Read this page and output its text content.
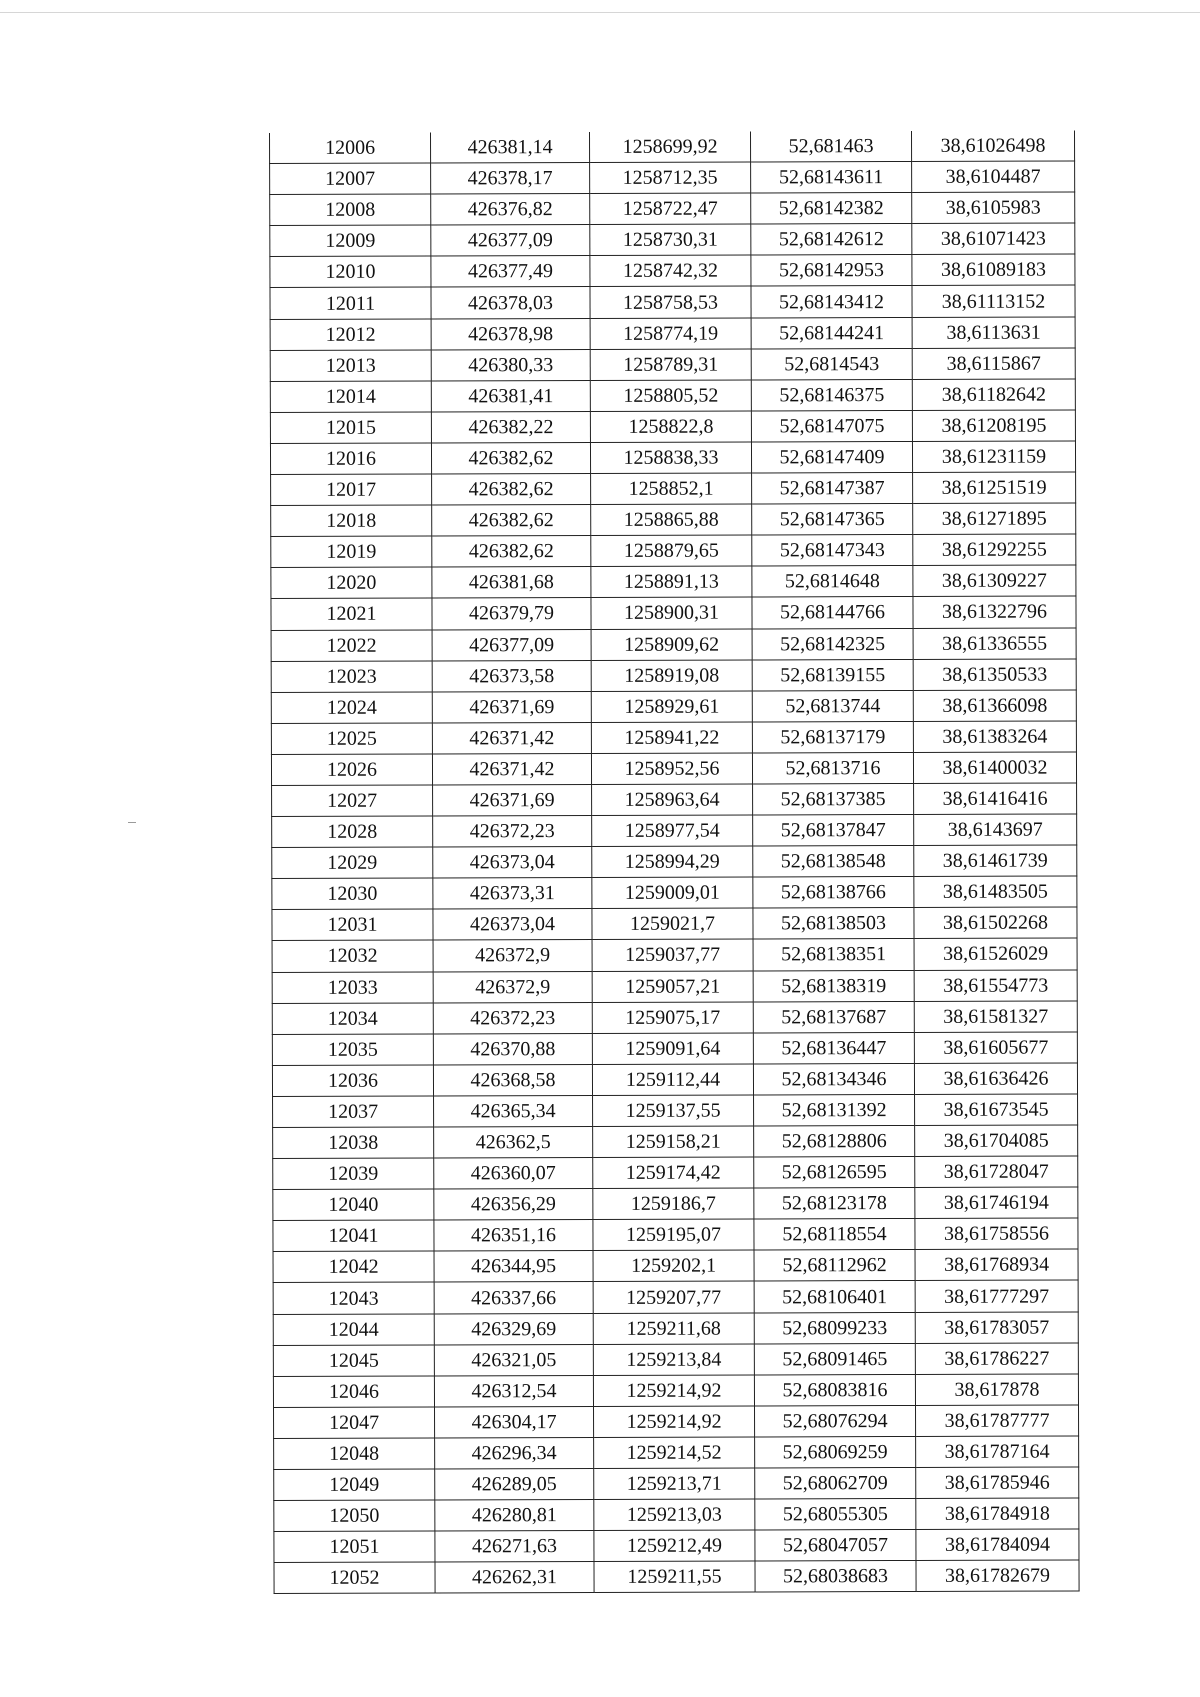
12006	426381,14	1258699,92	52,681463	38,61026498
12007	426378,17	1258712,35	52,68143611	38,6104487
12008	426376,82	1258722,47	52,68142382	38,6105983
12009	426377,09	1258730,31	52,68142612	38,61071423
12010	426377,49	1258742,32	52,68142953	38,61089183
12011	426378,03	1258758,53	52,68143412	38,61113152
12012	426378,98	1258774,19	52,68144241	38,6113631
12013	426380,33	1258789,31	52,6814543	38,6115867
12014	426381,41	1258805,52	52,68146375	38,61182642
12015	426382,22	1258822,8	52,68147075	38,61208195
12016	426382,62	1258838,33	52,68147409	38,61231159
12017	426382,62	1258852,1	52,68147387	38,61251519
12018	426382,62	1258865,88	52,68147365	38,61271895
12019	426382,62	1258879,65	52,68147343	38,61292255
12020	426381,68	1258891,13	52,6814648	38,61309227
12021	426379,79	1258900,31	52,68144766	38,61322796
12022	426377,09	1258909,62	52,68142325	38,61336555
12023	426373,58	1258919,08	52,68139155	38,61350533
12024	426371,69	1258929,61	52,6813744	38,61366098
12025	426371,42	1258941,22	52,68137179	38,61383264
12026	426371,42	1258952,56	52,6813716	38,61400032
12027	426371,69	1258963,64	52,68137385	38,61416416
12028	426372,23	1258977,54	52,68137847	38,6143697
12029	426373,04	1258994,29	52,68138548	38,61461739
12030	426373,31	1259009,01	52,68138766	38,61483505
12031	426373,04	1259021,7	52,68138503	38,61502268
12032	426372,9	1259037,77	52,68138351	38,61526029
12033	426372,9	1259057,21	52,68138319	38,61554773
12034	426372,23	1259075,17	52,68137687	38,61581327
12035	426370,88	1259091,64	52,68136447	38,61605677
12036	426368,58	1259112,44	52,68134346	38,61636426
12037	426365,34	1259137,55	52,68131392	38,61673545
12038	426362,5	1259158,21	52,68128806	38,61704085
12039	426360,07	1259174,42	52,68126595	38,61728047
12040	426356,29	1259186,7	52,68123178	38,61746194
12041	426351,16	1259195,07	52,68118554	38,61758556
12042	426344,95	1259202,1	52,68112962	38,61768934
12043	426337,66	1259207,77	52,68106401	38,61777297
12044	426329,69	1259211,68	52,68099233	38,61783057
12045	426321,05	1259213,84	52,68091465	38,61786227
12046	426312,54	1259214,92	52,68083816	38,617878
12047	426304,17	1259214,92	52,68076294	38,61787777
12048	426296,34	1259214,52	52,68069259	38,61787164
12049	426289,05	1259213,71	52,68062709	38,61785946
12050	426280,81	1259213,03	52,68055305	38,61784918
12051	426271,63	1259212,49	52,68047057	38,61784094
12052	426262,31	1259211,55	52,68038683	38,61782679
